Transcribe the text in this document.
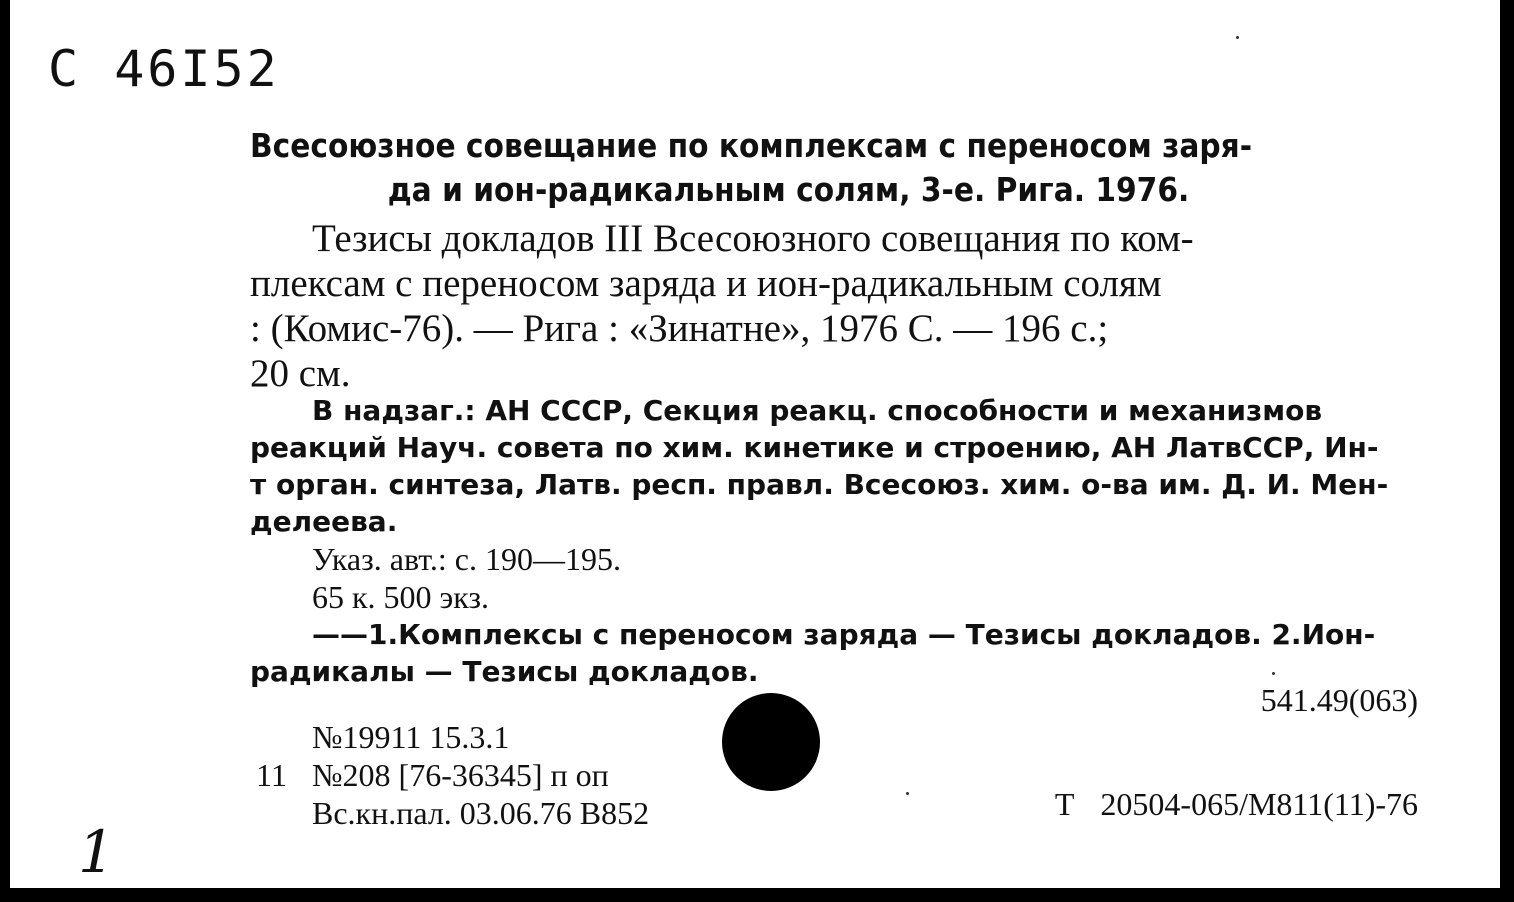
С 46I52
Всесоюзное совещание по комплексам с переносом заря-
да и ион-радикальным солям, 3-е. Рига. 1976.
Тезисы докладов III Всесоюзного совещания по ком-
плексам с переносом заряда и ион-радикальным солям
: (Комис-76). — Рига : «Зинатне», 1976 С. — 196 с.;
20 см.
В надзаг.: АН СССР, Секция реакц. способности и механизмов
реакций Науч. совета по хим. кинетике и строению, АН ЛатвССР, Ин-
т орган. синтеза, Латв. респ. правл. Всесоюз. хим. о-ва им. Д. И. Мен-
делеева.
Указ. авт.: с. 190—195.
65 к. 500 экз.
——1.Комплексы с переносом заряда — Тезисы докладов. 2.Ион-
радикалы — Тезисы докладов.
541.49(063)
№19911 15.3.1
11 №208 [76-36345] п оп
Вс.кн.пал. 03.06.76 В852	Т 20504-065/М811(11)-76
1
